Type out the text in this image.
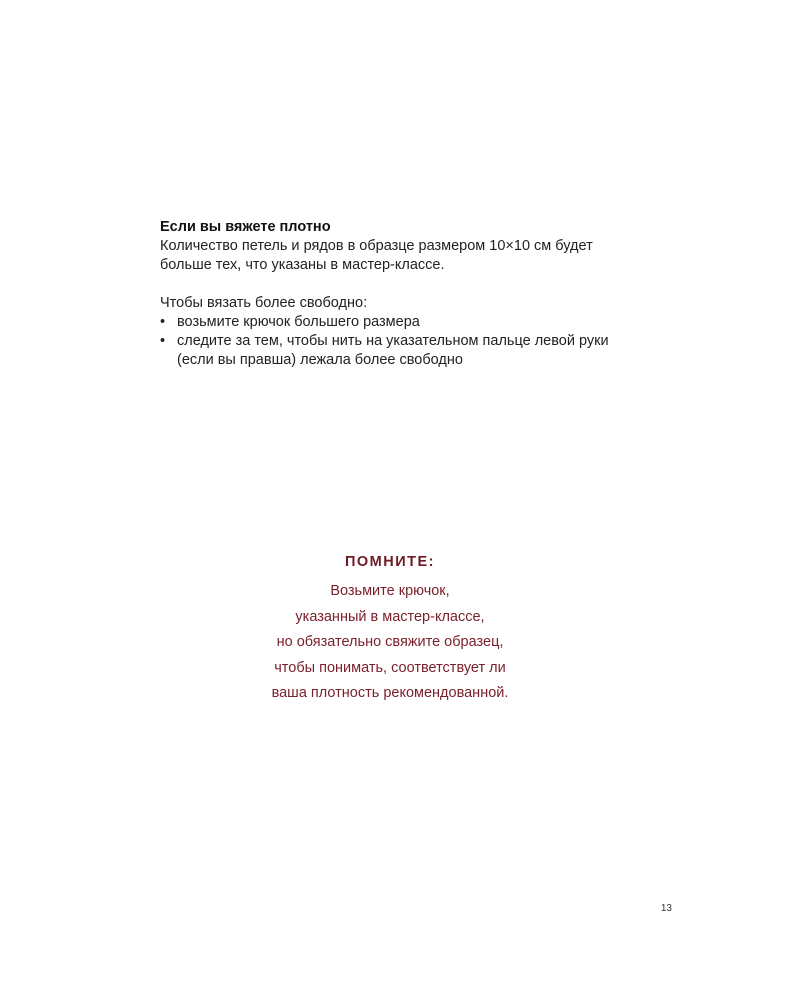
Если вы вяжете плотно

Количество петель и рядов в образце размером 10×10 см будет
больше тех, что указаны в мастер-классе.

Чтобы вязать более свободно:

• возьмите крючок большего размера
• следите за тем, чтобы нить на указательном пальце левой руки
(если вы правша) лежала более свободно
ПОМНИТЕ:
Возьмите крючок,
указанный в мастер-классе,
но обязательно свяжите образец,
чтобы понимать, соответствует ли
ваша плотность рекомендованной.
13
